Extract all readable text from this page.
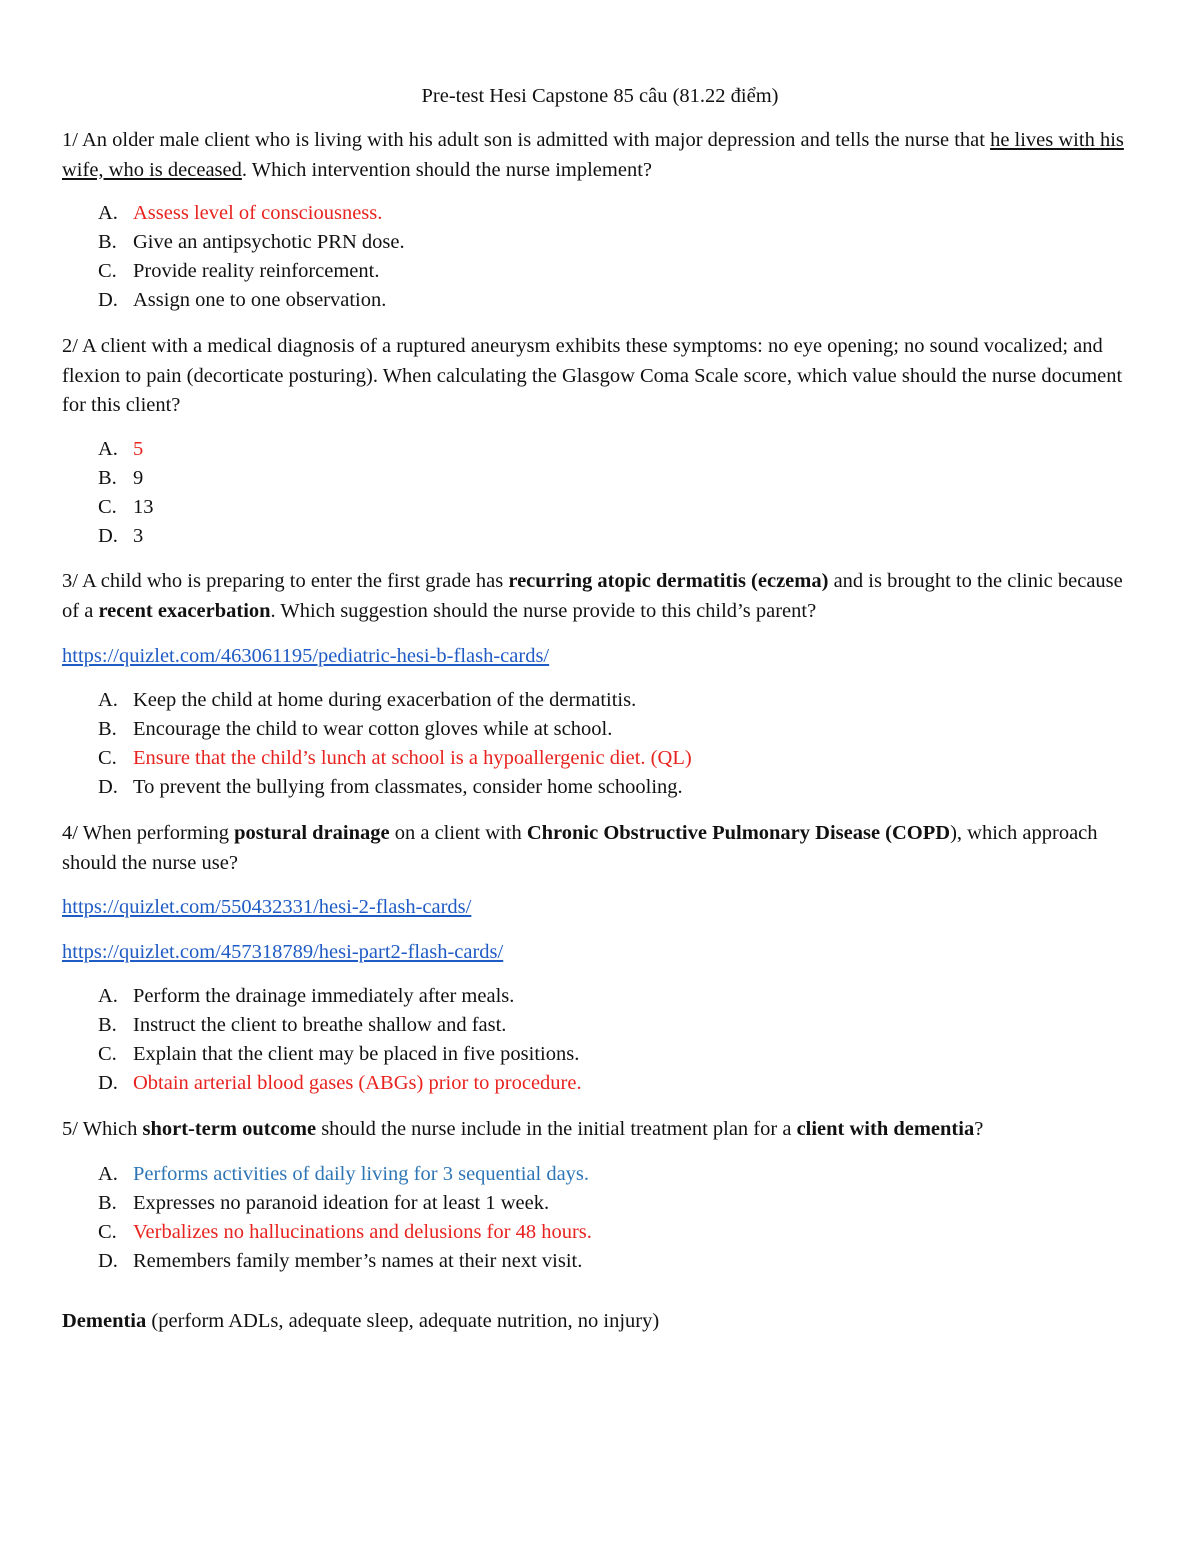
Pre-test Hesi Capstone 85 câu (81.22 điểm)
1/ An older male client who is living with his adult son is admitted with major depression and tells the nurse that he lives with his wife, who is deceased. Which intervention should the nurse implement?
A. Assess level of consciousness.
B. Give an antipsychotic PRN dose.
C. Provide reality reinforcement.
D. Assign one to one observation.
2/ A client with a medical diagnosis of a ruptured aneurysm exhibits these symptoms: no eye opening; no sound vocalized; and flexion to pain (decorticate posturing). When calculating the Glasgow Coma Scale score, which value should the nurse document for this client?
A. 5
B. 9
C. 13
D. 3
3/ A child who is preparing to enter the first grade has recurring atopic dermatitis (eczema) and is brought to the clinic because of a recent exacerbation. Which suggestion should the nurse provide to this child’s parent?
https://quizlet.com/463061195/pediatric-hesi-b-flash-cards/
A. Keep the child at home during exacerbation of the dermatitis.
B. Encourage the child to wear cotton gloves while at school.
C. Ensure that the child’s lunch at school is a hypoallergenic diet. (QL)
D. To prevent the bullying from classmates, consider home schooling.
4/ When performing postural drainage on a client with Chronic Obstructive Pulmonary Disease (COPD), which approach should the nurse use?
https://quizlet.com/550432331/hesi-2-flash-cards/
https://quizlet.com/457318789/hesi-part2-flash-cards/
A. Perform the drainage immediately after meals.
B. Instruct the client to breathe shallow and fast.
C. Explain that the client may be placed in five positions.
D. Obtain arterial blood gases (ABGs) prior to procedure.
5/ Which short-term outcome should the nurse include in the initial treatment plan for a client with dementia?
A. Performs activities of daily living for 3 sequential days.
B. Expresses no paranoid ideation for at least 1 week.
C. Verbalizes no hallucinations and delusions for 48 hours.
D. Remembers family member’s names at their next visit.
Dementia (perform ADLs, adequate sleep, adequate nutrition, no injury)
